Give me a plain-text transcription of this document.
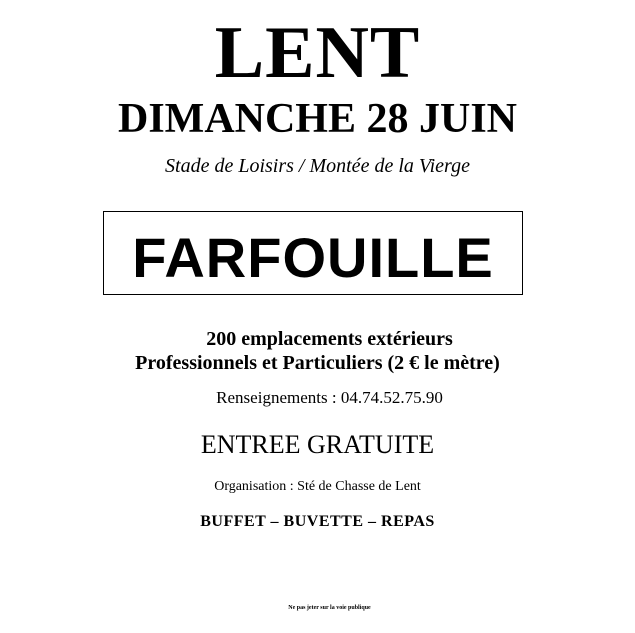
LENT
DIMANCHE 28 JUIN
Stade de Loisirs / Montée de la Vierge
FARFOUILLE
200 emplacements extérieurs
Professionnels et Particuliers (2 € le mètre)
Renseignements : 04.74.52.75.90
ENTREE GRATUITE
Organisation : Sté de Chasse de Lent
BUFFET – BUVETTE – REPAS
Ne pas jeter sur la voie publique
